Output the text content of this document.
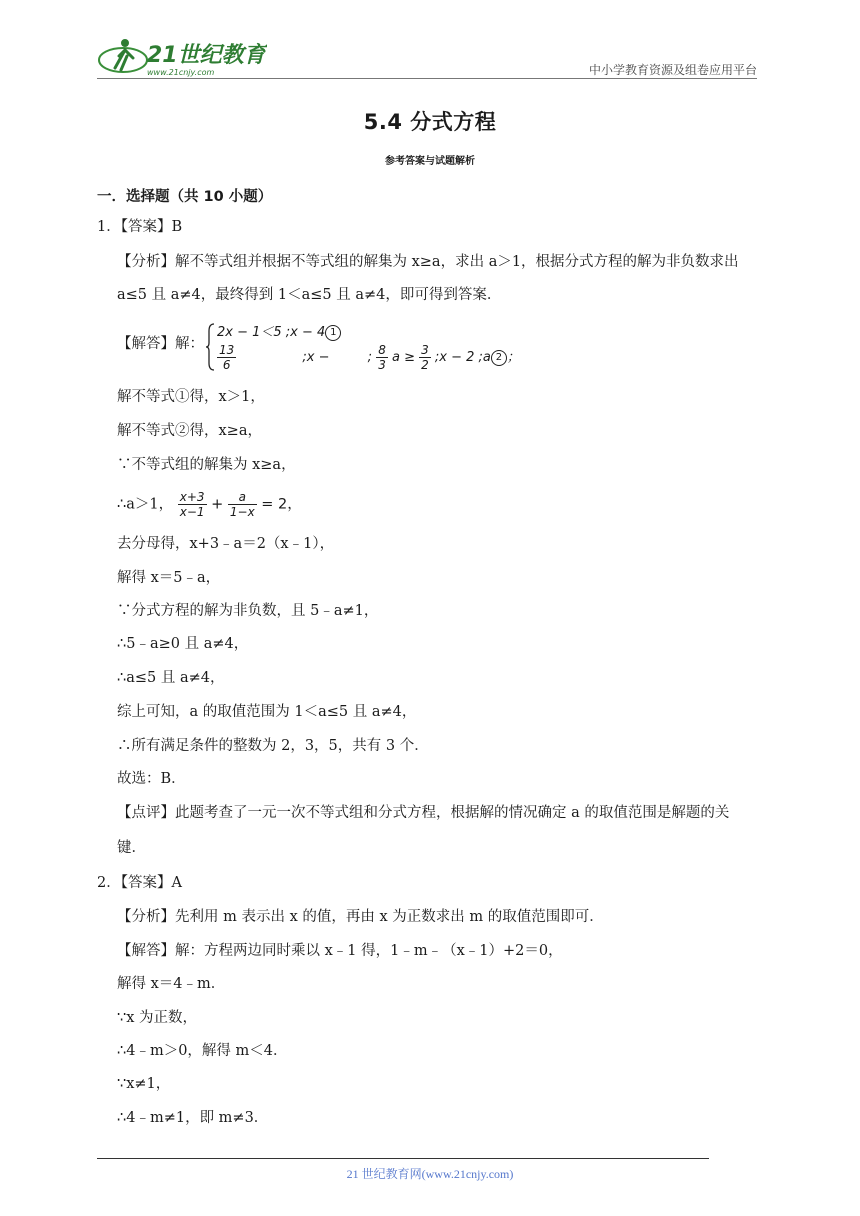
21世纪教育
www.21cnjy.com	中小学教育资源及组卷应用平台
5.4 分式方程
参考答案与试题解析
一．选择题（共 10 小题）
1．【答案】B
【分析】解不等式组并根据不等式组的解集为 x≥a，求出 a＞1，根据分式方程的解为非负数求出
a≤5 且 a≠4，最终得到 1＜a≤5 且 a≠4，即可得到答案．
【解答】解：
2x − 1＜5 ;x − 4 1
$\frac{13}{6}$	;x −	; $\frac{8}{3}$ $a \ge \frac{3}{2}$ ;x − 2 ;a 2 ；
解不等式①得，x＞1，
解不等式②得，x≥a，
∵不等式组的解集为 x≥a，
∴a＞1， $\frac{x+3}{x-1} + \frac{a}{1-x} = 2$，
去分母得，x+3﹣a＝2（x﹣1），
解得 x＝5﹣a，
∵分式方程的解为非负数，且 5﹣a≠1，
∴5﹣a≥0 且 a≠4，
∴a≤5 且 a≠4，
综上可知，a 的取值范围为 1＜a≤5 且 a≠4，
∴所有满足条件的整数为 2，3，5，共有 3 个．
故选：B．
【点评】此题考查了一元一次不等式组和分式方程，根据解的情况确定 a 的取值范围是解题的关
键．
2．【答案】A
【分析】先利用 m 表示出 x 的值，再由 x 为正数求出 m 的取值范围即可．
【解答】解：方程两边同时乘以 x﹣1 得，1﹣m﹣（x﹣1）+2＝0，
解得 x＝4﹣m．
∵x 为正数，
∴4﹣m＞0，解得 m＜4．
∵x≠1，
∴4﹣m≠1，即 m≠3．
21 世纪教育网(www.21cnjy.com)
